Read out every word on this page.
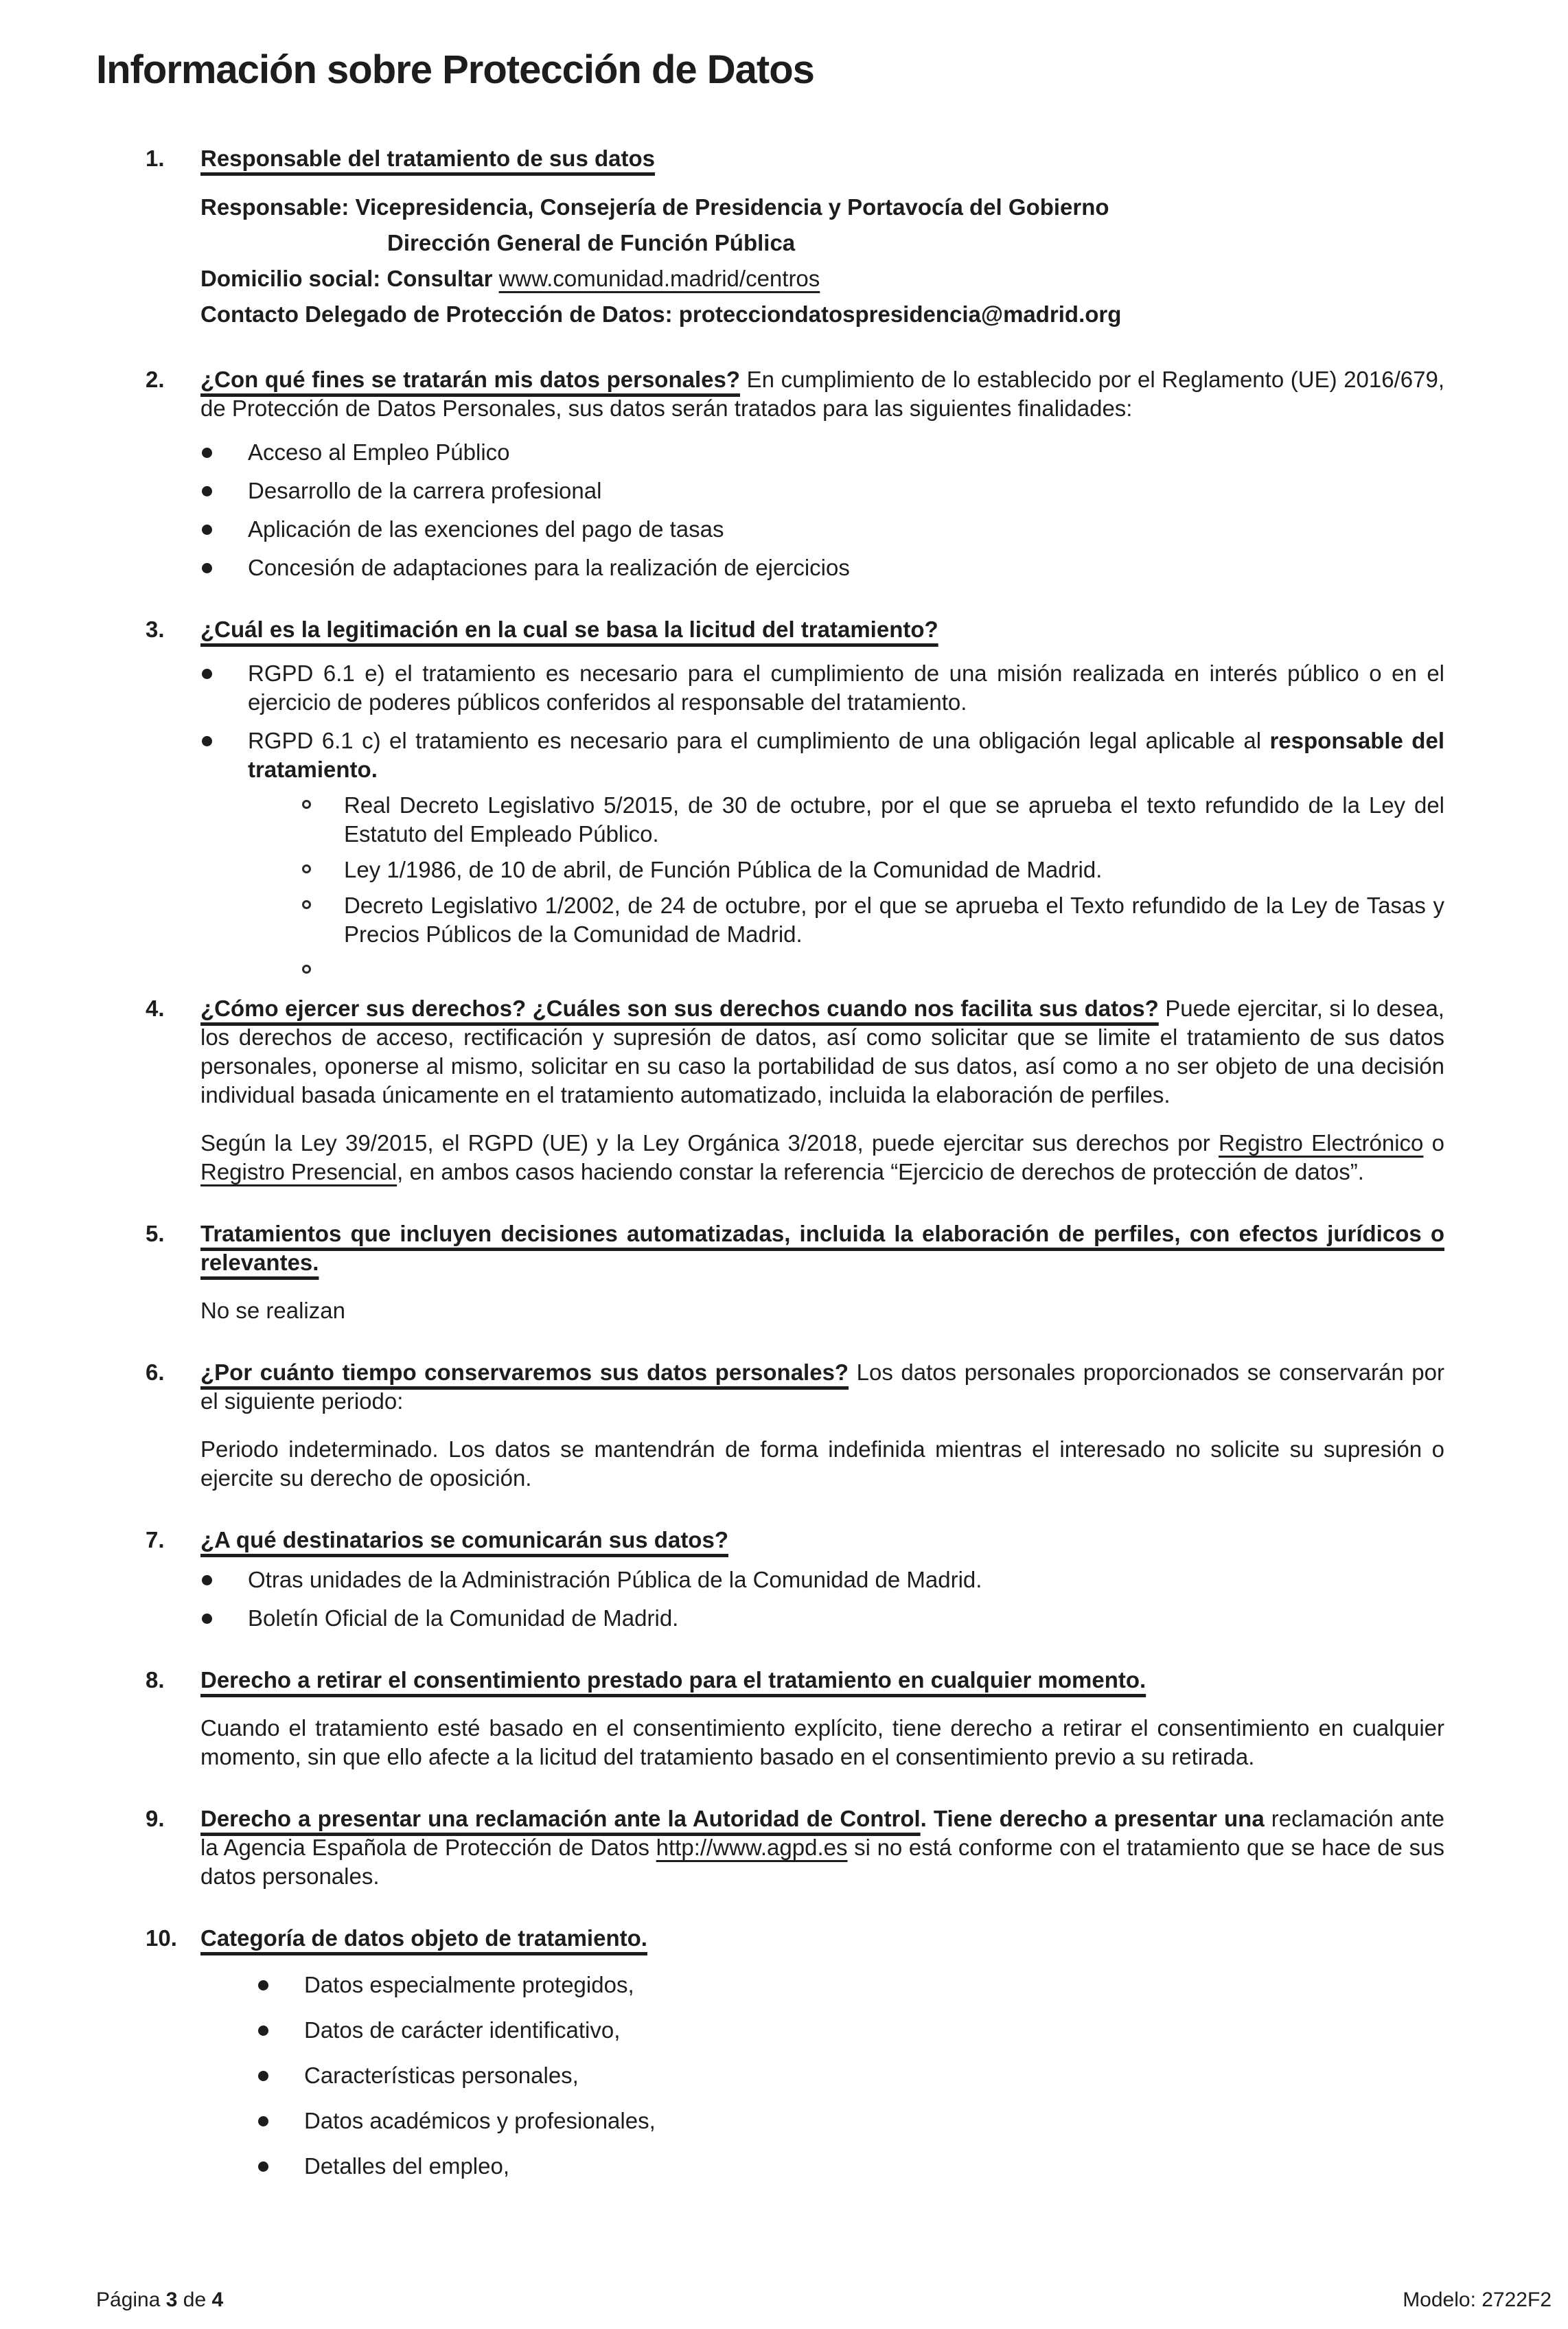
Información sobre Protección de Datos
1. Responsable del tratamiento de sus datos
Responsable: Vicepresidencia, Consejería de Presidencia y Portavocía del Gobierno
Dirección General de Función Pública
Domicilio social: Consultar www.comunidad.madrid/centros
Contacto Delegado de Protección de Datos: protecciondatospresidencia@madrid.org
2. ¿Con qué fines se tratarán mis datos personales? En cumplimiento de lo establecido por el Reglamento (UE) 2016/679, de Protección de Datos Personales, sus datos serán tratados para las siguientes finalidades:

Acceso al Empleo Público
Desarrollo de la carrera profesional
Aplicación de las exenciones del pago de tasas
Concesión de adaptaciones para la realización de ejercicios
3. ¿Cuál es la legitimación en la cual se basa la licitud del tratamiento?
RGPD 6.1 e) el tratamiento es necesario para el cumplimiento de una misión realizada en interés público o en el ejercicio de poderes públicos conferidos al responsable del tratamiento.
RGPD 6.1 c) el tratamiento es necesario para el cumplimiento de una obligación legal aplicable al responsable del tratamiento.
Real Decreto Legislativo 5/2015, de 30 de octubre, por el que se aprueba el texto refundido de la Ley del Estatuto del Empleado Público.
Ley 1/1986, de 10 de abril, de Función Pública de la Comunidad de Madrid.
Decreto Legislativo 1/2002, de 24 de octubre, por el que se aprueba el Texto refundido de la Ley de Tasas y Precios Públicos de la Comunidad de Madrid.
4. ¿Cómo ejercer sus derechos? ¿Cuáles son sus derechos cuando nos facilita sus datos? Puede ejercitar, si lo desea, los derechos de acceso, rectificación y supresión de datos, así como solicitar que se limite el tratamiento de sus datos personales, oponerse al mismo, solicitar en su caso la portabilidad de sus datos, así como a no ser objeto de una decisión individual basada únicamente en el tratamiento automatizado, incluida la elaboración de perfiles.

Según la Ley 39/2015, el RGPD (UE) y la Ley Orgánica 3/2018, puede ejercitar sus derechos por Registro Electrónico o Registro Presencial, en ambos casos haciendo constar la referencia “Ejercicio de derechos de protección de datos”.

5. Tratamientos que incluyen decisiones automatizadas, incluida la elaboración de perfiles, con efectos jurídicos o relevantes.

No se realizan

6. ¿Por cuánto tiempo conservaremos sus datos personales? Los datos personales proporcionados se conservarán por el siguiente periodo:

Periodo indeterminado. Los datos se mantendrán de forma indefinida mientras el interesado no solicite su supresión o ejercite su derecho de oposición.

7. ¿A qué destinatarios se comunicarán sus datos?
Otras unidades de la Administración Pública de la Comunidad de Madrid.
Boletín Oficial de la Comunidad de Madrid.
8. Derecho a retirar el consentimiento prestado para el tratamiento en cualquier momento.

Cuando el tratamiento esté basado en el consentimiento explícito, tiene derecho a retirar el consentimiento en cualquier momento, sin que ello afecte a la licitud del tratamiento basado en el consentimiento previo a su retirada.

9. Derecho a presentar una reclamación ante la Autoridad de Control. Tiene derecho a presentar una reclamación ante la Agencia Española de Protección de Datos http://www.agpd.es si no está conforme con el tratamiento que se hace de sus datos personales.

10. Categoría de datos objeto de tratamiento.
Datos especialmente protegidos,
Datos de carácter identificativo,
Características personales,
Datos académicos y profesionales,
Detalles del empleo,
Página 3 de 4	Modelo: 2722F2
